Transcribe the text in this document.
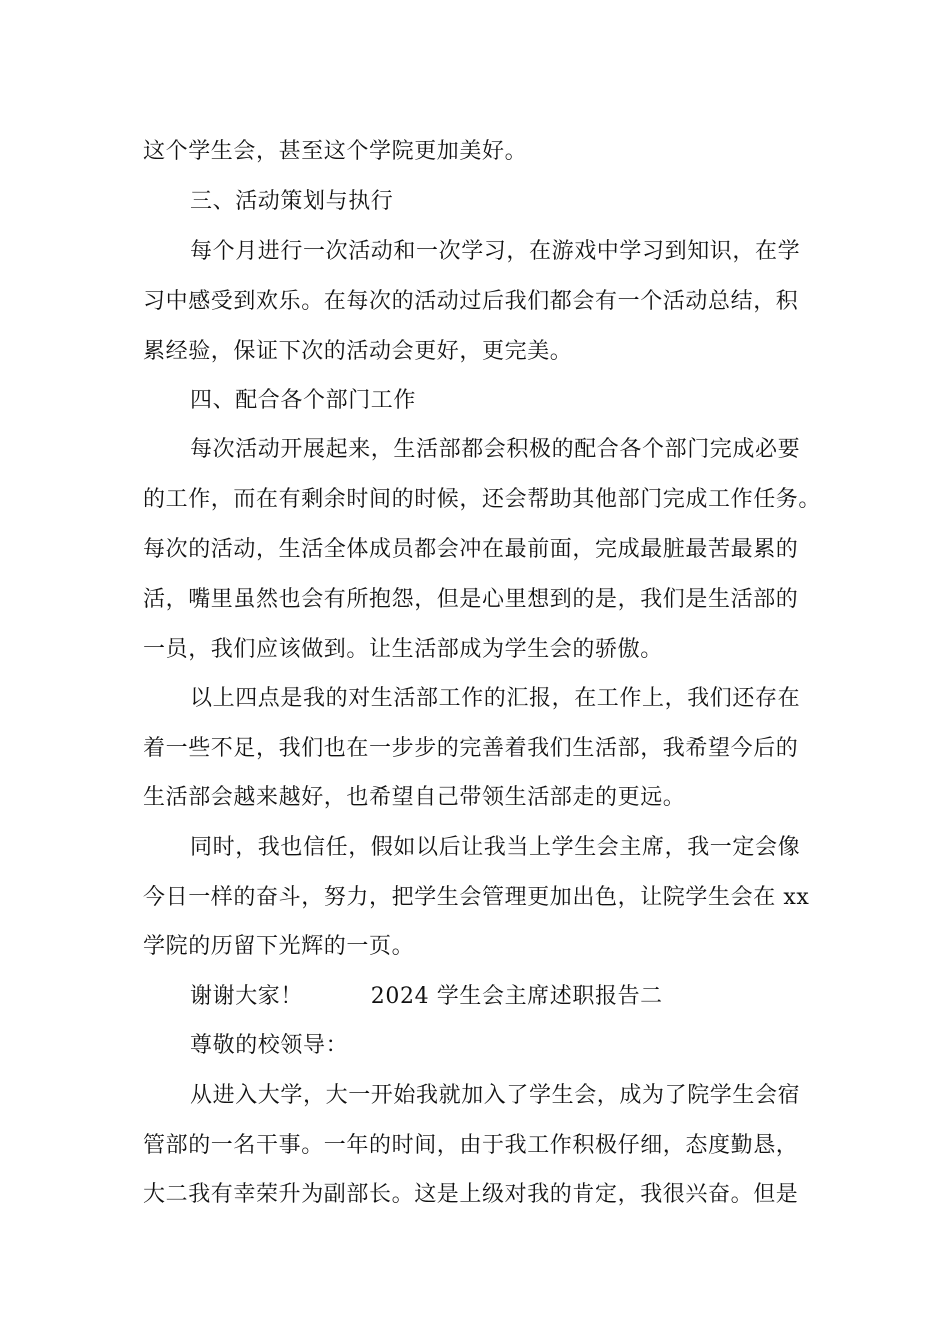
这个学生会，甚至这个学院更加美好。
三、活动策划与执行
每个月进行一次活动和一次学习，在游戏中学习到知识，在学
习中感受到欢乐。在每次的活动过后我们都会有一个活动总结，积
累经验，保证下次的活动会更好，更完美。
四、配合各个部门工作
每次活动开展起来，生活部都会积极的配合各个部门完成必要
的工作，而在有剩余时间的时候，还会帮助其他部门完成工作任务。
每次的活动，生活全体成员都会冲在最前面，完成最脏最苦最累的
活，嘴里虽然也会有所抱怨，但是心里想到的是，我们是生活部的
一员，我们应该做到。让生活部成为学生会的骄傲。
以上四点是我的对生活部工作的汇报，在工作上，我们还存在
着一些不足，我们也在一步步的完善着我们生活部，我希望今后的
生活部会越来越好，也希望自己带领生活部走的更远。
同时，我也信任，假如以后让我当上学生会主席，我一定会像
今日一样的奋斗，努力，把学生会管理更加出色，让院学生会在 xx
学院的历留下光辉的一页。
谢谢大家！　　　2024 学生会主席述职报告二
尊敬的校领导：
从进入大学，大一开始我就加入了学生会，成为了院学生会宿
管部的一名干事。一年的时间，由于我工作积极仔细，态度勤恳，
大二我有幸荣升为副部长。这是上级对我的肯定，我很兴奋。但是
